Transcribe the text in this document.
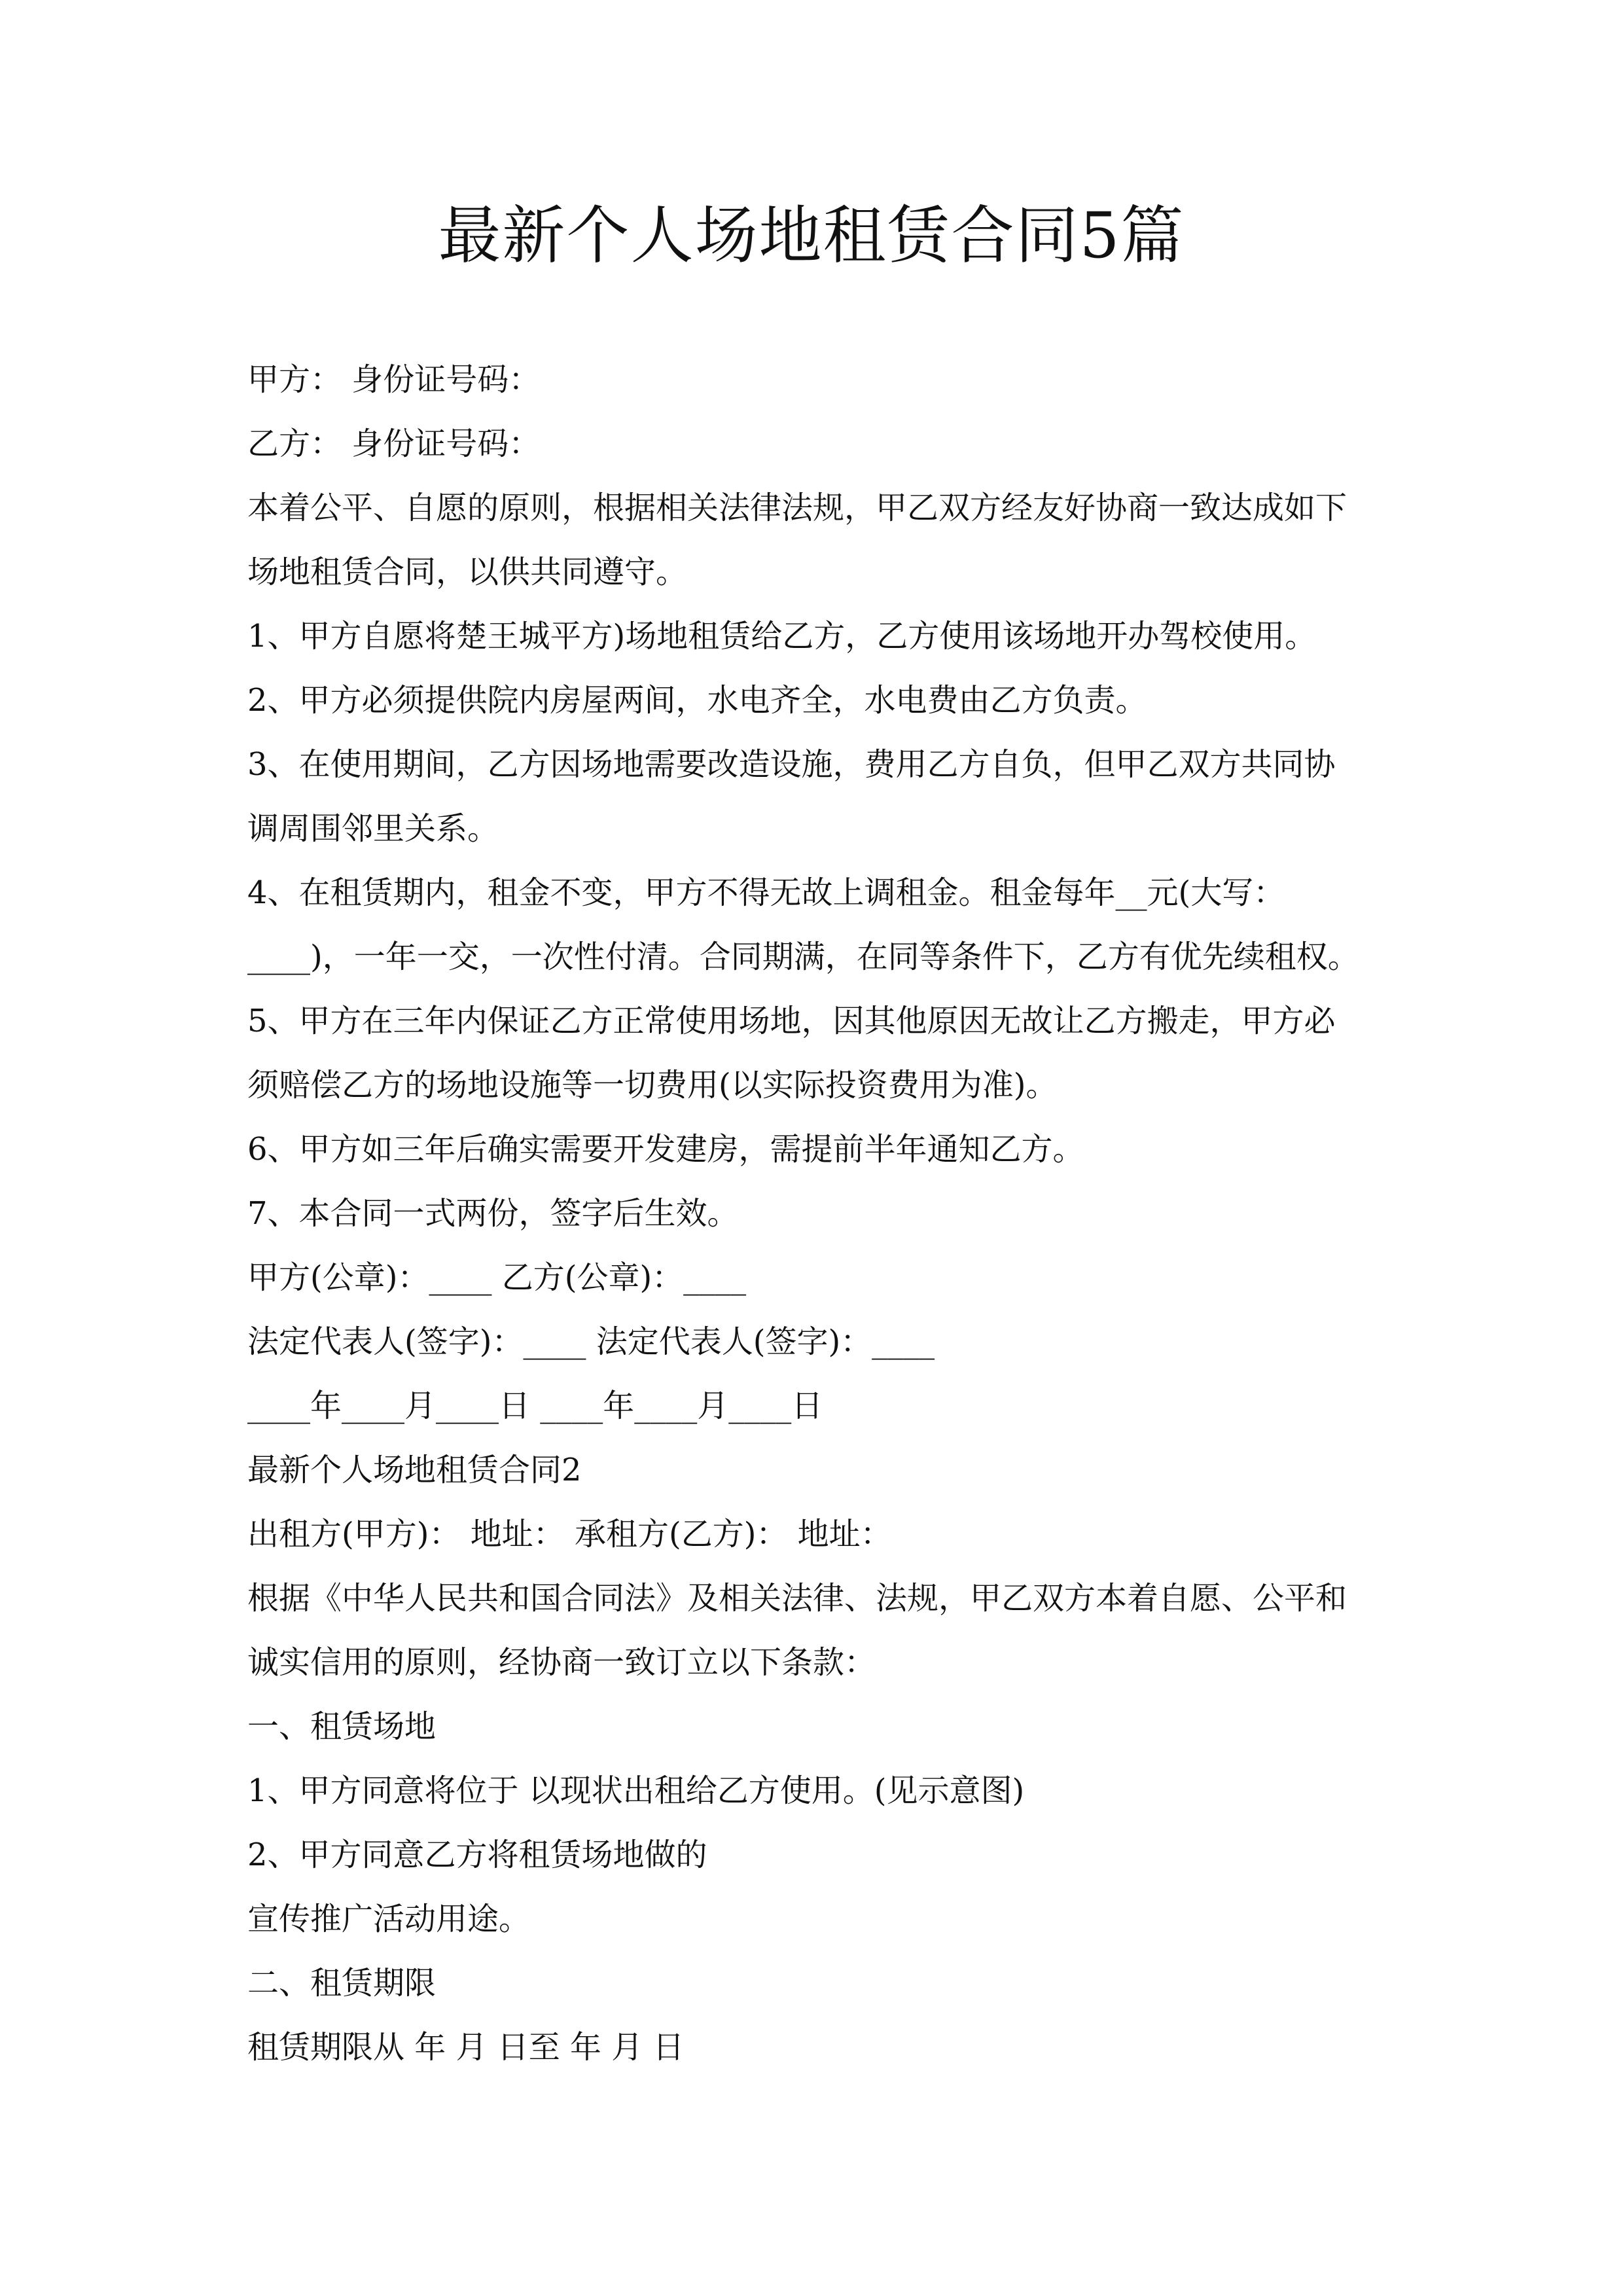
最新个人场地租赁合同5篇
甲方： 身份证号码：
乙方： 身份证号码：
本着公平、自愿的原则，根据相关法律法规，甲乙双方经友好协商一致达成如下
场地租赁合同，以供共同遵守。
1、甲方自愿将楚王城平方)场地租赁给乙方，乙方使用该场地开办驾校使用。
2、甲方必须提供院内房屋两间，水电齐全，水电费由乙方负责。
3、在使用期间，乙方因场地需要改造设施，费用乙方自负，但甲乙双方共同协
调周围邻里关系。
4、在租赁期内，租金不变，甲方不得无故上调租金。租金每年__元(大写：
____)，一年一交，一次性付清。合同期满，在同等条件下，乙方有优先续租权。
5、甲方在三年内保证乙方正常使用场地，因其他原因无故让乙方搬走，甲方必
须赔偿乙方的场地设施等一切费用(以实际投资费用为准)。
6、甲方如三年后确实需要开发建房，需提前半年通知乙方。
7、本合同一式两份，签字后生效。
甲方(公章)：____ 乙方(公章)：____
法定代表人(签字)：____ 法定代表人(签字)：____
____年____月____日 ____年____月____日
最新个人场地租赁合同2
出租方(甲方)： 地址： 承租方(乙方)： 地址：
根据《中华人民共和国合同法》及相关法律、法规，甲乙双方本着自愿、公平和
诚实信用的原则，经协商一致订立以下条款：
一、租赁场地
1、甲方同意将位于 以现状出租给乙方使用。(见示意图)
2、甲方同意乙方将租赁场地做的
宣传推广活动用途。
二、租赁期限
租赁期限从 年 月 日至 年 月 日
